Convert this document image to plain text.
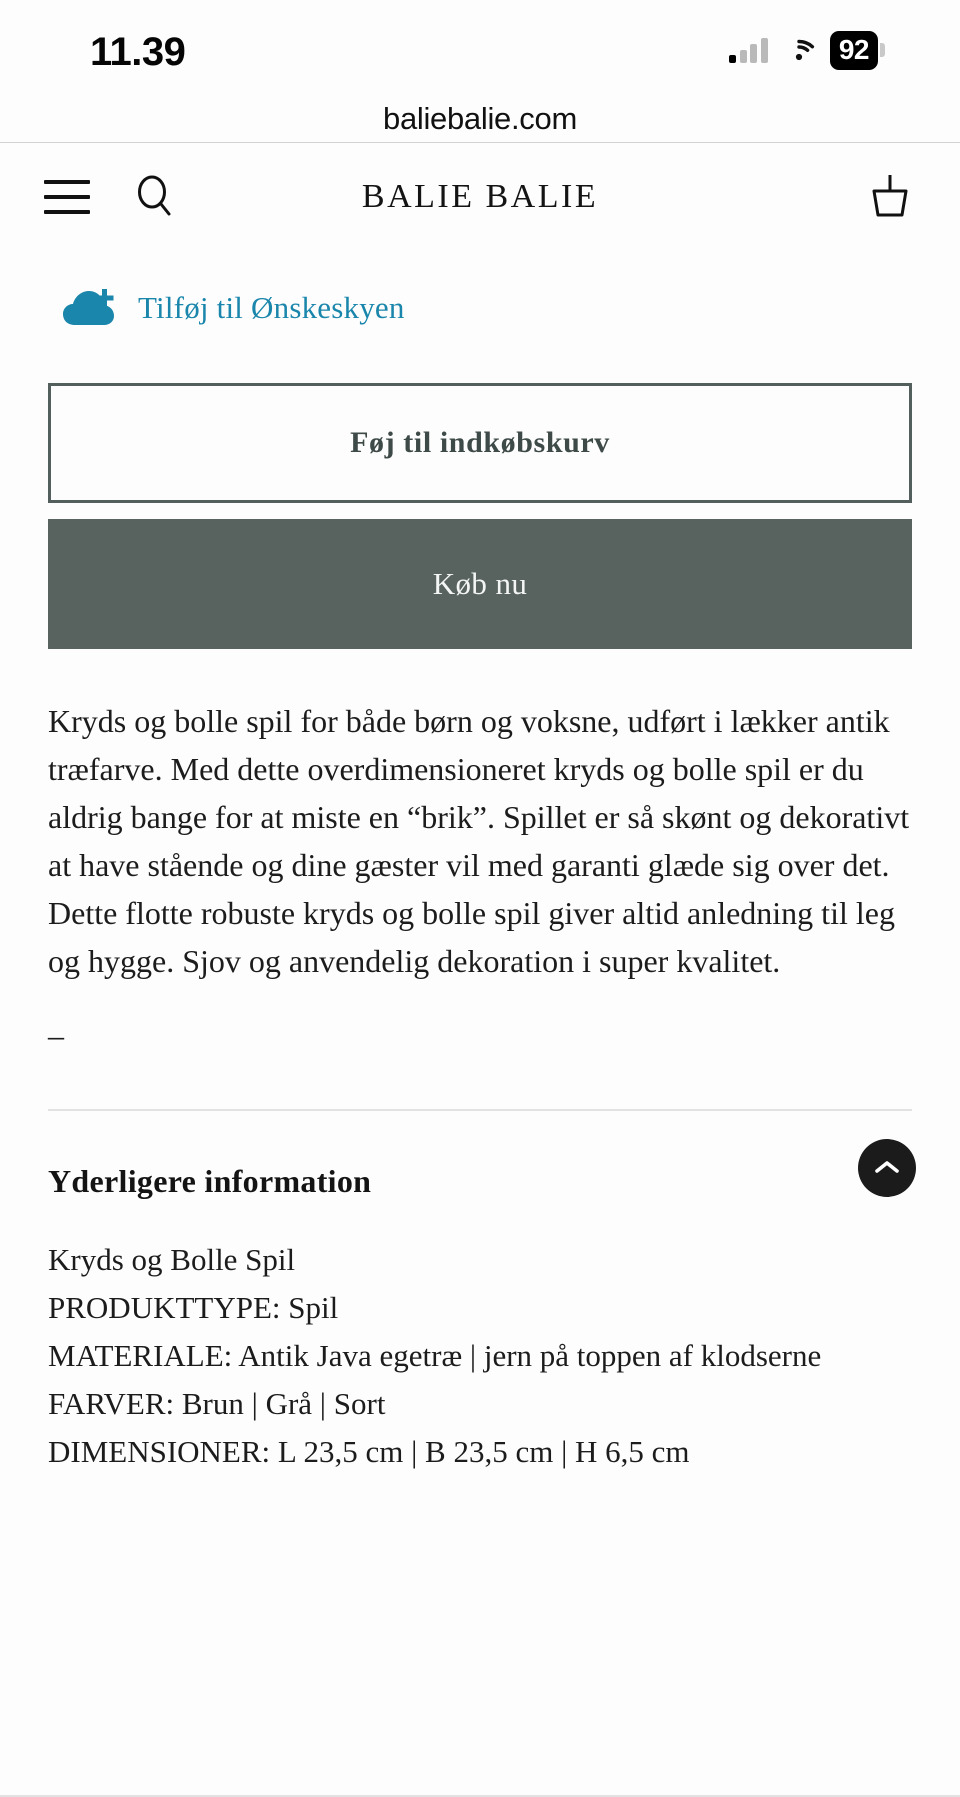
11.39	92
baliebalie.com
BALIE BALIE
Tilføj til Ønskeskyen
Føj til indkøbskurv
Køb nu

Kryds og bolle spil for både børn og voksne, udført i lækker antik træfarve. Med dette overdimensioneret kryds og bolle spil er du aldrig bange for at miste en “brik”. Spillet er så skønt og dekorativt at have stående og dine gæster vil med garanti glæde sig over det. Dette flotte robuste kryds og bolle spil giver altid anledning til leg og hygge. Sjov og anvendelig dekoration i super kvalitet.

–
Yderligere information
Kryds og Bolle Spil
PRODUKTTYPE: Spil
MATERIALE: Antik Java egetræ | jern på toppen af klodserne
FARVER: Brun | Grå | Sort
DIMENSIONER: L 23,5 cm | B 23,5 cm | H 6,5 cm
